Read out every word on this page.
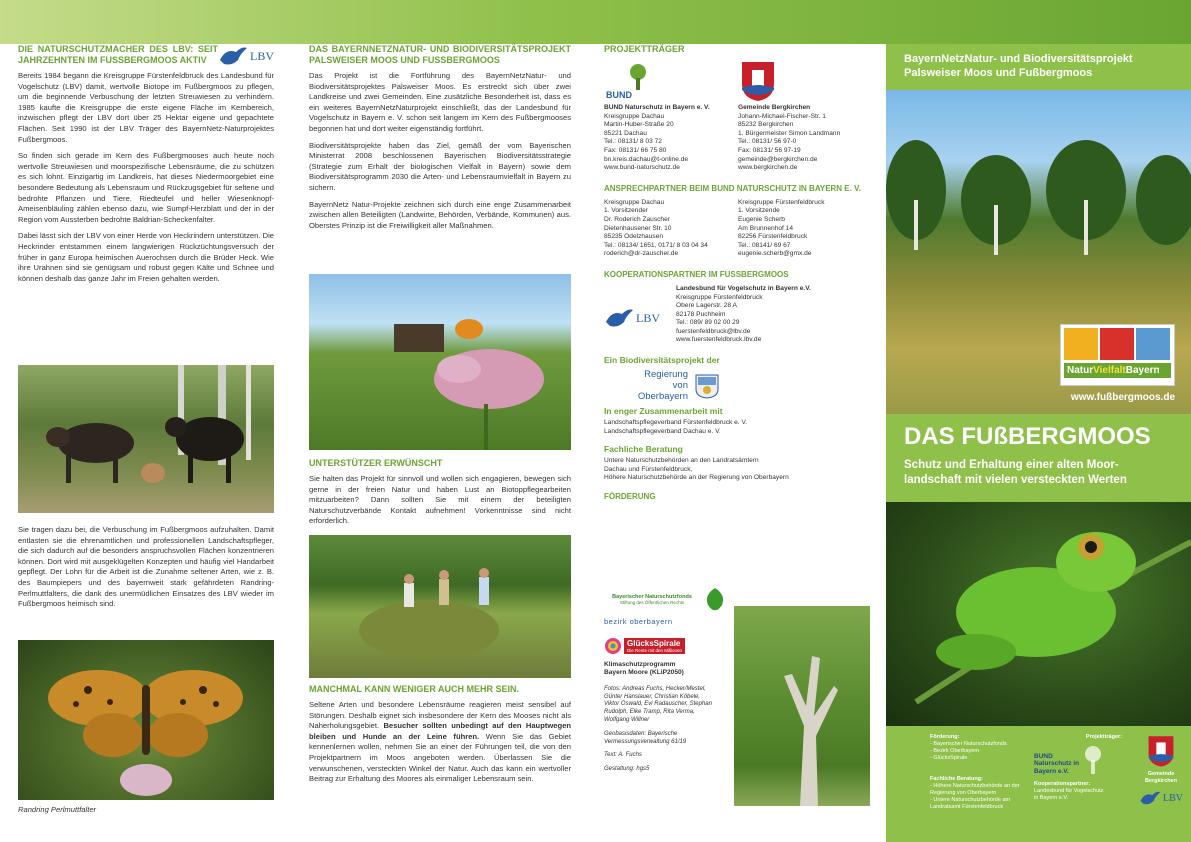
DIE NATURSCHUTZMACHER DES LBV: SEIT JAHRZEHNTEN IM FUSSBERGMOOS AKTIV	LBV

Bereits 1984 begann die Kreisgruppe Fürstenfeldbruck des Landesbund für Vogelschutz (LBV) damit, wertvolle Biotope im Fußbergmoos zu pflegen, um die beginnende Verbuschung der letzten Streuwiesen zu verhindern. 1985 kaufte die Kreisgruppe die erste eigene Fläche im Kernbereich, inzwischen pflegt der LBV dort über 25 Hektar eigene und gepachtete Flächen. Seit 1990 ist der LBV Träger des BayernNetz-Naturprojektes Fußbergmoos.

So finden sich gerade im Kern des Fußbergmooses auch heute noch wertvolle Streuwiesen und moorspezifische Lebensräume, die zu schützen es sich lohnt. Einzigartig im Landkreis, hat dieses Niedermoorgebiet eine besondere Bedeutung als Lebensraum und Rückzugsgebiet für seltene und bedrohte Pflanzen und Tiere. Riedteufel und heller Wiesenknopf-Ameisenbläuling zählen ebenso dazu, wie Sumpf-Herzblatt und der in der Region vom Aussterben bedrohte Baldrian-Scheckenfalter.

Dabei lässt sich der LBV von einer Herde von Heckrindern unterstützen. Die Heckrinder entstammen einem langwierigen Rückzüchtungsversuch der früher in ganz Europa heimischen Auerochsen durch die Brüder Heck. Wie ihre Urahnen sind sie genügsam und robust gegen Kälte und Schnee und können deshalb das ganze Jahr im Freien gehalten werden.

Sie tragen dazu bei, die Verbuschung im Fußbergmoos aufzuhalten. Damit entlasten sie die ehrenamtlichen und professionellen Landschaftspfleger, die sich dadurch auf die besonders anspruchsvollen Flächen konzentrieren können. Dort wird mit ausgeklügelten Konzepten und häufig viel Handarbeit gepflegt. Der Lohn für die Arbeit ist die Zunahme seltener Arten, wie z. B. des Baumpiepers und des bayernweit stark gefährdeten Randring-Perlmuttfalters, die dank des unermüdlichen Einsatzes des LBV wieder im Fußbergmoos heimisch sind.

Randring Perlmuttfalter
DAS BAYERNNETZNATUR- UND BIODIVERSITÄTSPROJEKT PALSWEISER MOOS UND FUSSBERGMOOS

Das Projekt ist die Fortführung des BayernNetzNatur- und Biodiversitätsprojektes Palsweiser Moos. Es erstreckt sich über zwei Landkreise und zwei Gemeinden. Eine zusätzliche Besonderheit ist, dass es ein weiteres BayernNetzNaturprojekt einschließt, das der Landesbund für Vogelschutz in Bayern e. V. schon seit langem im Kern des Fußbergmooses begonnen hat und dort weiter eigenständig fortführt.

Biodiversitätsprojekte haben das Ziel, gemäß der vom Bayerischen Ministerrat 2008 beschlossenen Bayerischen Biodiversitätsstrategie (Strategie zum Erhalt der biologischen Vielfalt in Bayern) sowie dem Biodiversitätsprogramm 2030 die Arten- und Lebensraumvielfalt in Bayern zu sichern.

BayernNetz Natur-Projekte zeichnen sich durch eine enge Zusammenarbeit zwischen allen Beteiligten (Landwirte, Behörden, Verbände, Kommunen) aus. Oberstes Prinzip ist die Freiwilligkeit aller Maßnahmen.

UNTERSTÜTZER ERWÜNSCHT

Sie halten das Projekt für sinnvoll und wollen sich engagieren, bewegen sich gerne in der freien Natur und haben Lust an Biotoppflegearbeiten mitzuarbeiten? Dann sollten Sie mit einem der beteiligten Naturschutzverbände Kontakt aufnehmen! Vorkenntnisse sind nicht erforderlich.

MANCHMAL KANN WENIGER AUCH MEHR SEIN.

Seltene Arten und besondere Lebensräume reagieren meist sensibel auf Störungen. Deshalb eignet sich insbesondere der Kern des Mooses nicht als Naherholungsgebiet. Besucher sollten unbedingt auf den Hauptwegen bleiben und Hunde an der Leine führen. Wenn Sie das Gebiet kennenlernen wollen, nehmen Sie an einer der Führungen teil, die von den Projektpartnern im Moos angeboten werden. Überlassen Sie die verwunschenen, versteckten Winkel der Natur. Auch das kann ein wertvoller Beitrag zur Erhaltung des Moores als einmaliger Lebensraum sein.

PROJEKTTRÄGER
BUND
BUND Naturschutz in Bayern e. V.
Kreisgruppe Dachau
Martin-Huber-Straße 20
85221 Dachau
Tel.: 08131/ 8 03 72
Fax: 08131/ 66 75 80
bn.kreis.dachau@t-online.de
www.bund-naturschutz.de
Gemeinde Bergkirchen
Johann-Michael-Fischer-Str. 1
85232 Bergkirchen
1. Bürgermeister Simon Landmann
Tel.: 08131/ 56 97-0
Fax: 08131/ 56 97-19
gemeinde@bergkirchen.de
www.bergkirchen.de
ANSPRECHPARTNER BEIM BUND NATURSCHUTZ IN BAYERN E. V.
Kreisgruppe Dachau
1. Vorsitzender
Dr. Roderich Zauscher
Dietenhausener Str. 10
85235 Odelzhausen
Tel.: 08134/ 1651, 0171/ 8 03 04 34
roderich@dr-zauscher.de
Kreisgruppe Fürstenfeldbruck
1. Vorsitzende
Eugenie Scherb
Am Brunnenhof 14
82256 Fürstenfeldbruck
Tel.: 08141/ 69 67
eugenie.scherb@gmx.de
KOOPERATIONSPARTNER IM FUSSBERGMOOS
LBV
Landesbund für Vogelschutz in Bayern e.V.
Kreisgruppe Fürstenfeldbruck
Obere Lagerstr. 28 A
82178 Puchheim
Tel.: 089/ 89 02 00 29
fuerstenfeldbruck@lbv.de
www.fuerstenfeldbruck.lbv.de
Ein Biodiversitätsprojekt der
Regierung von Oberbayern
In enger Zusammenarbeit mit
Landschaftspflegeverband Fürstenfeldbruck e. V.
Landschaftspflegeverband Dachau e. V.
Fachliche Beratung
Untere Naturschutzbehörden an den Landratsämtern
Dachau und Fürstenfeldbruck,
Höhere Naturschutzbehörde an der Regierung von Oberbayern
FÖRDERUNG
Bayerischer Naturschutzfonds
Stiftung des Öffentlichen Rechts
bezirk oberbayern
GlücksSpirale
Die Rente mit den Millionen
Klimaschutzprogramm
Bayern Moore (KLiP2050)
Fotos: Andreas Fuchs, Hecker/Mestel,
Günter Hanslauer, Christian Köbele,
Viktor Oswald, Evi Radauscher, Stephan
Rudolph, Elke Tramp, Rita Verma,
Wolfgang Willner
Geobasisdaten: Bayerische
Vermessungsverwaltung 61/19
Text: A. Fuchs
Gestaltung: hgs5
BayernNetzNatur- und Biodiversitätsprojekt
Palsweiser Moos und Fußbergmoos
NaturVielfaltBayern
www.fußbergmoos.de
DAS FUßBERGMOOS
Schutz und Erhaltung einer alten Moor-
landschaft mit vielen versteckten Werten
Förderung:
- Bayerischer Naturschutzfonds
- Bezirk Oberbayern
- GlücksSpirale
Fachliche Beratung:
- Höhere Naturschutzbehörde an der
Regierung von Oberbayern
- Untere Naturschutzbehörde am
Landratsamt Fürstenfeldbruck
Projektträger:
BUND Naturschutz in Bayern e.V.
Kooperationspartner:
Landesbund für Vogelschutz
in Bayern e.V.
Gemeinde Bergkirchen
LBV
